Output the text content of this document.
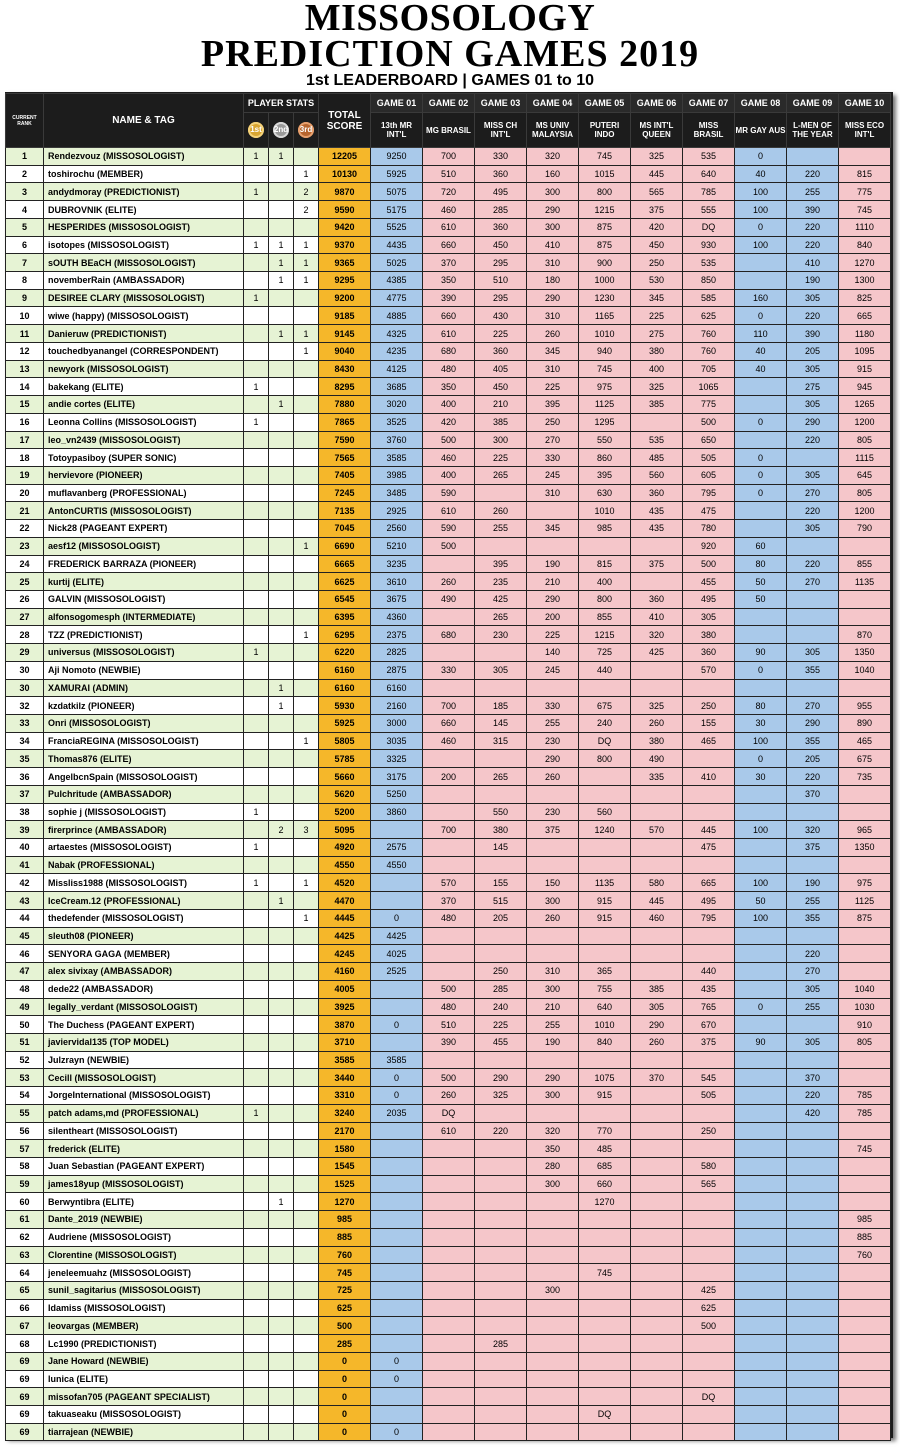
MISSOSOLOGY
PREDICTION GAMES 2019
1st LEADERBOARD | GAMES 01 to 10
CURRENT RANK	NAME & TAG	PLAYER STATS			TOTAL SCORE	GAME 01	GAME 02	GAME 03	GAME 04	GAME 05	GAME 06	GAME 07	GAME 08	GAME 09	GAME 10
		1st	2nd	3rd		13th MR INT'L	MG BRASIL	MISS CH INT'L	MS UNIV MALAYSIA	PUTERI INDO	MS INT'L QUEEN	MISS BRASIL	MR GAY AUS	L-MEN OF THE YEAR	MISS ECO INT'L
1	Rendezvouz (MISSOSOLOGIST)	1	1		12205	9250	700	330	320	745	325	535	0		
2	toshirochu (MEMBER)			1	10130	5925	510	360	160	1015	445	640	40	220	815
3	andydmoray (PREDICTIONIST)	1		2	9870	5075	720	495	300	800	565	785	100	255	775
4	DUBROVNIK (ELITE)			2	9590	5175	460	285	290	1215	375	555	100	390	745
5	HESPERIDES (MISSOSOLOGIST)				9420	5525	610	360	300	875	420	DQ	0	220	1110
6	isotopes (MISSOSOLOGIST)	1	1	1	9370	4435	660	450	410	875	450	930	100	220	840
7	sOUTH BEaCH (MISSOSOLOGIST)		1	1	9365	5025	370	295	310	900	250	535		410	1270
8	novemberRain (AMBASSADOR)		1	1	9295	4385	350	510	180	1000	530	850		190	1300
9	DESIREE CLARY (MISSOSOLOGIST)	1			9200	4775	390	295	290	1230	345	585	160	305	825
10	wiwe (happy) (MISSOSOLOGIST)				9185	4885	660	430	310	1165	225	625	0	220	665
11	Danieruw (PREDICTIONIST)		1	1	9145	4325	610	225	260	1010	275	760	110	390	1180
12	touchedbyanangel (CORRESPONDENT)			1	9040	4235	680	360	345	940	380	760	40	205	1095
13	newyork (MISSOSOLOGIST)				8430	4125	480	405	310	745	400	705	40	305	915
14	bakekang (ELITE)	1			8295	3685	350	450	225	975	325	1065		275	945
15	andie cortes (ELITE)		1		7880	3020	400	210	395	1125	385	775		305	1265
16	Leonna Collins (MISSOSOLOGIST)	1			7865	3525	420	385	250	1295		500	0	290	1200
17	leo_vn2439 (MISSOSOLOGIST)				7590	3760	500	300	270	550	535	650		220	805
18	Totoypasiboy (SUPER SONIC)				7565	3585	460	225	330	860	485	505	0		1115
19	hervievore (PIONEER)				7405	3985	400	265	245	395	560	605	0	305	645
20	muflavanberg (PROFESSIONAL)				7245	3485	590		310	630	360	795	0	270	805
21	AntonCURTIS (MISSOSOLOGIST)				7135	2925	610	260		1010	435	475		220	1200
22	Nick28 (PAGEANT EXPERT)				7045	2560	590	255	345	985	435	780		305	790
23	aesf12 (MISSOSOLOGIST)			1	6690	5210	500					920	60		
24	FREDERICK BARRAZA (PIONEER)				6665	3235		395	190	815	375	500	80	220	855
25	kurtij (ELITE)				6625	3610	260	235	210	400		455	50	270	1135
26	GALVIN (MISSOSOLOGIST)				6545	3675	490	425	290	800	360	495	50		
27	alfonsogomesph (INTERMEDIATE)				6395	4360		265	200	855	410	305			
28	TZZ (PREDICTIONIST)			1	6295	2375	680	230	225	1215	320	380			870
29	universus (MISSOSOLOGIST)	1			6220	2825			140	725	425	360	90	305	1350
30	Aji Nomoto (NEWBIE)				6160	2875	330	305	245	440		570	0	355	1040
30	XAMURAI (ADMIN)		1		6160	6160									
32	kzdatkilz (PIONEER)		1		5930	2160	700	185	330	675	325	250	80	270	955
33	Onri (MISSOSOLOGIST)				5925	3000	660	145	255	240	260	155	30	290	890
34	FranciaREGINA (MISSOSOLOGIST)			1	5805	3035	460	315	230	DQ	380	465	100	355	465
35	Thomas876 (ELITE)				5785	3325			290	800	490		0	205	675
36	AngelbcnSpain (MISSOSOLOGIST)				5660	3175	200	265	260		335	410	30	220	735
37	Pulchritude (AMBASSADOR)				5620	5250								370	
38	sophie j (MISSOSOLOGIST)	1			5200	3860		550	230	560					
39	firerprince (AMBASSADOR)		2	3	5095		700	380	375	1240	570	445	100	320	965
40	artaestes (MISSOSOLOGIST)	1			4920	2575		145				475		375	1350
41	Nabak (PROFESSIONAL)				4550	4550									
42	Missliss1988 (MISSOSOLOGIST)	1		1	4520		570	155	150	1135	580	665	100	190	975
43	IceCream.12 (PROFESSIONAL)		1		4470		370	515	300	915	445	495	50	255	1125
44	thedefender (MISSOSOLOGIST)			1	4445	0	480	205	260	915	460	795	100	355	875
45	sleuth08 (PIONEER)				4425	4425									
46	SENYORA GAGA (MEMBER)				4245	4025								220	
47	alex sivixay (AMBASSADOR)				4160	2525		250	310	365		440		270	
48	dede22 (AMBASSADOR)				4005		500	285	300	755	385	435		305	1040
49	legally_verdant (MISSOSOLOGIST)				3925		480	240	210	640	305	765	0	255	1030
50	The Duchess (PAGEANT EXPERT)				3870	0	510	225	255	1010	290	670			910
51	javiervidal135 (TOP MODEL)				3710		390	455	190	840	260	375	90	305	805
52	Julzrayn (NEWBIE)				3585	3585									
53	Cecill (MISSOSOLOGIST)				3440	0	500	290	290	1075	370	545		370	
54	JorgeInternational (MISSOSOLOGIST)				3310	0	260	325	300	915		505		220	785
55	patch adams,md (PROFESSIONAL)	1			3240	2035	DQ							420	785
56	silentheart (MISSOSOLOGIST)				2170		610	220	320	770		250			
57	frederick (ELITE)				1580				350	485					745
58	Juan Sebastian (PAGEANT EXPERT)				1545				280	685		580			
59	james18yup (MISSOSOLOGIST)				1525				300	660		565			
60	Berwyntibra (ELITE)		1		1270					1270					
61	Dante_2019 (NEWBIE)				985										985
62	Audriene (MISSOSOLOGIST)				885										885
63	Clorentine (MISSOSOLOGIST)				760										760
64	jeneleemuahz (MISSOSOLOGIST)				745					745					
65	sunil_sagitarius (MISSOSOLOGIST)				725				300			425			
66	Idamiss (MISSOSOLOGIST)				625							625			
67	leovargas (MEMBER)				500							500			
68	Lc1990 (PREDICTIONIST)				285			285							
69	Jane Howard (NEWBIE)				0	0									
69	lunica (ELITE)				0	0									
69	missofan705 (PAGEANT SPECIALIST)				0							DQ			
69	takuaseaku (MISSOSOLOGIST)				0					DQ					
69	tiarrajean (NEWBIE)				0	0									
